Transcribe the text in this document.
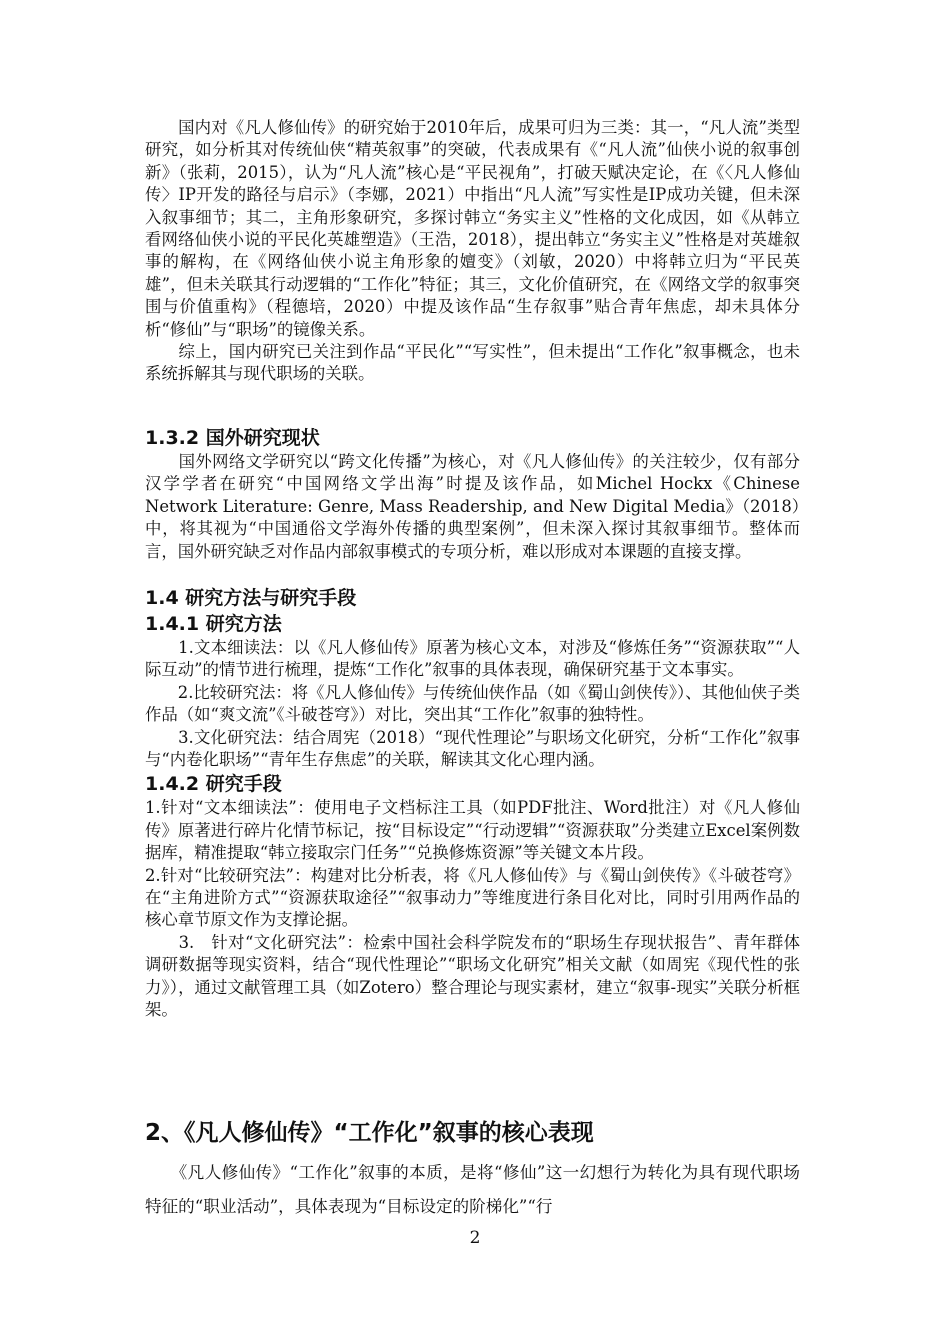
　　国内对《凡人修仙传》的研究始于2010年后，成果可归为三类：其一，“凡人流”类型研究，如分析其对传统仙侠“精英叙事”的突破，代表成果有《“凡人流”仙侠小说的叙事创新》（张莉，2015），认为“凡人流”核心是“平民视角”，打破天赋决定论，在《〈凡人修仙传〉IP开发的路径与启示》（李娜，2021）中指出“凡人流”写实性是IP成功关键，但未深入叙事细节；其二，主角形象研究，多探讨韩立“务实主义”性格的文化成因，如《从韩立看网络仙侠小说的平民化英雄塑造》（王浩，2018），提出韩立“务实主义”性格是对英雄叙事的解构，在《网络仙侠小说主角形象的嬗变》（刘敏，2020）中将韩立归为“平民英雄”，但未关联其行动逻辑的“工作化”特征；其三，文化价值研究，在《网络文学的叙事突围与价值重构》（程德培，2020）中提及该作品“生存叙事”贴合青年焦虑，却未具体分析“修仙”与“职场”的镜像关系。

　　综上，国内研究已关注到作品“平民化”“写实性”，但未提出“工作化”叙事概念，也未系统拆解其与现代职场的关联。

1.3.2 国外研究现状

　　国外网络文学研究以“跨文化传播”为核心，对《凡人修仙传》的关注较少，仅有部分汉学学者在研究“中国网络文学出海”时提及该作品，如Michel Hockx《Chinese Network Literature: Genre, Mass Readership, and New Digital Media》（2018）中，将其视为“中国通俗文学海外传播的典型案例”，但未深入探讨其叙事细节。整体而言，国外研究缺乏对作品内部叙事模式的专项分析，难以形成对本课题的直接支撑。

1.4 研究方法与研究手段
1.4.1 研究方法

　　1.文本细读法：以《凡人修仙传》原著为核心文本，对涉及“修炼任务”“资源获取”“人际互动”的情节进行梳理，提炼“工作化”叙事的具体表现，确保研究基于文本事实。

　　2.比较研究法：将《凡人修仙传》与传统仙侠作品（如《蜀山剑侠传》）、其他仙侠子类作品（如“爽文流”《斗破苍穹》）对比，突出其“工作化”叙事的独特性。

　　3.文化研究法：结合周宪（2018）“现代性理论”与职场文化研究，分析“工作化”叙事与“内卷化职场”“青年生存焦虑”的关联，解读其文化心理内涵。

1.4.2 研究手段

1.针对“文本细读法”：使用电子文档标注工具（如PDF批注、Word批注）对《凡人修仙传》原著进行碎片化情节标记，按“目标设定”“行动逻辑”“资源获取”分类建立Excel案例数据库，精准提取“韩立接取宗门任务”“兑换修炼资源”等关键文本片段。

2.针对“比较研究法”：构建对比分析表，将《凡人修仙传》与《蜀山剑侠传》《斗破苍穹》在“主角进阶方式”“资源获取途径”“叙事动力”等维度进行条目化对比，同时引用两作品的核心章节原文作为支撑论据。

　　3.　针对“文化研究法”：检索中国社会科学院发布的“职场生存现状报告”、青年群体调研数据等现实资料，结合“现代性理论”“职场文化研究”相关文献（如周宪《现代性的张力》），通过文献管理工具（如Zotero）整合理论与现实素材，建立“叙事-现实”关联分析框架。

2、《凡人修仙传》“工作化”叙事的核心表现

　　《凡人修仙传》“工作化”叙事的本质，是将“修仙”这一幻想行为转化为具有现代职场特征的“职业活动”，具体表现为“目标设定的阶梯化”“行

2
